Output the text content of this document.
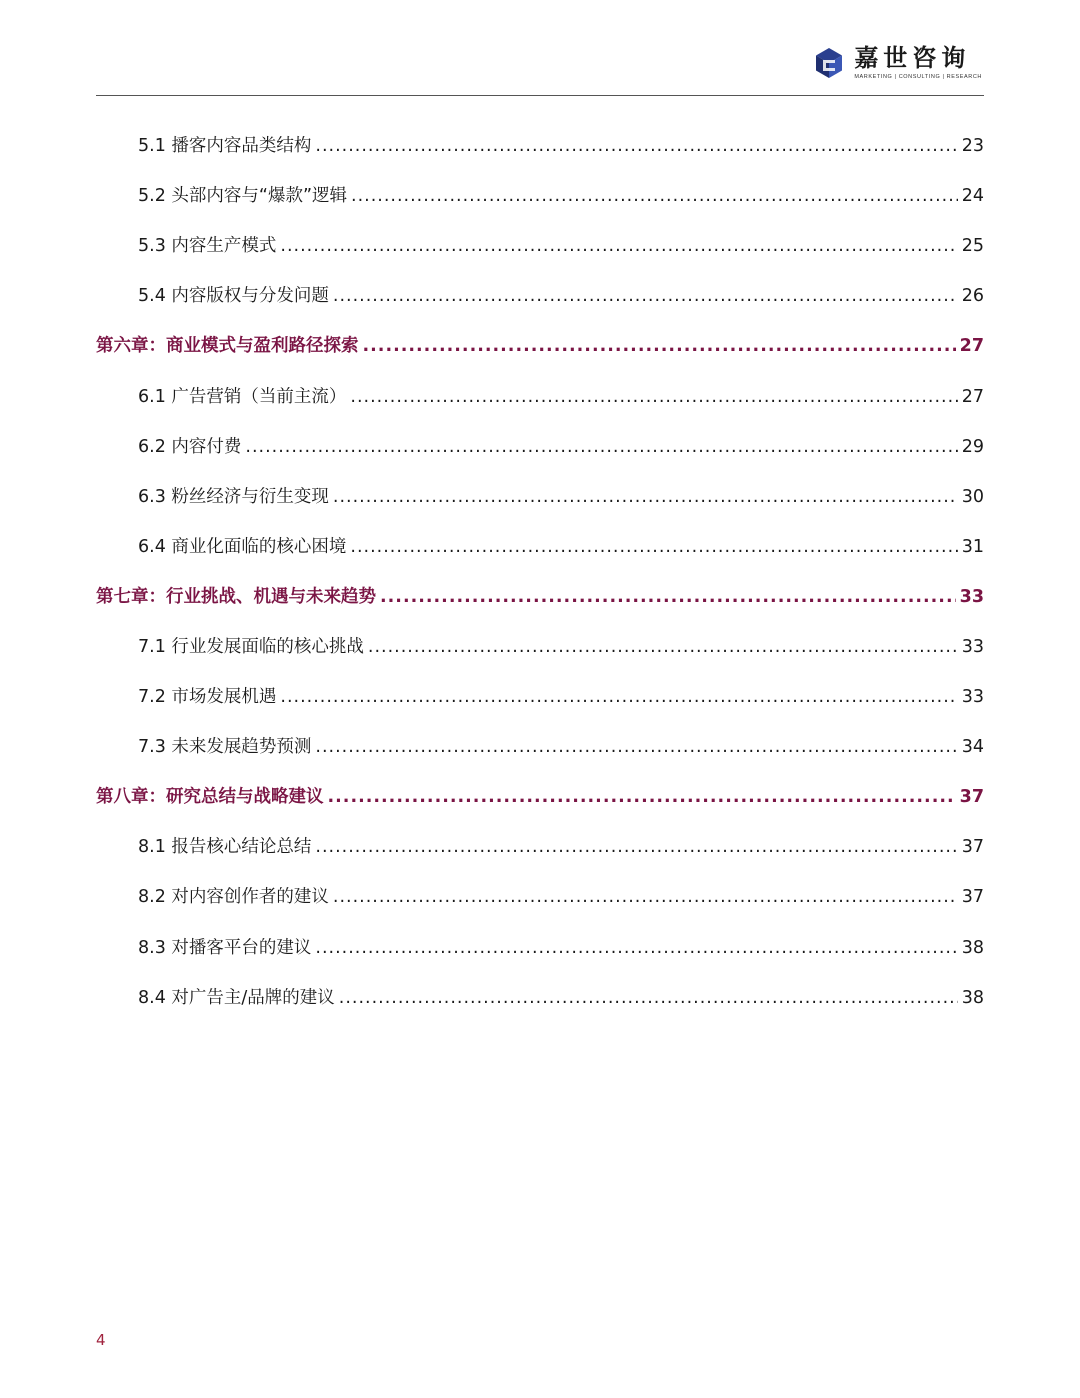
嘉世咨询
MARKETING | CONSULTING | RESEARCH
5.1 播客内容品类结构 .....	23
5.2 头部内容与“爆款”逻辑 .....	24
5.3 内容生产模式 .....	25
5.4 内容版权与分发问题 .....	26
第六章：商业模式与盈利路径探索 .....	27
6.1 广告营销（当前主流） .....	27
6.2 内容付费 .....	29
6.3 粉丝经济与衍生变现 .....	30
6.4 商业化面临的核心困境 .....	31
第七章：行业挑战、机遇与未来趋势 .....	33
7.1 行业发展面临的核心挑战 .....	33
7.2 市场发展机遇 .....	33
7.3 未来发展趋势预测 .....	34
第八章：研究总结与战略建议 .....	37
8.1 报告核心结论总结 .....	37
8.2 对内容创作者的建议 .....	37
8.3 对播客平台的建议 .....	38
8.4 对广告主/品牌的建议 .....	38
4
